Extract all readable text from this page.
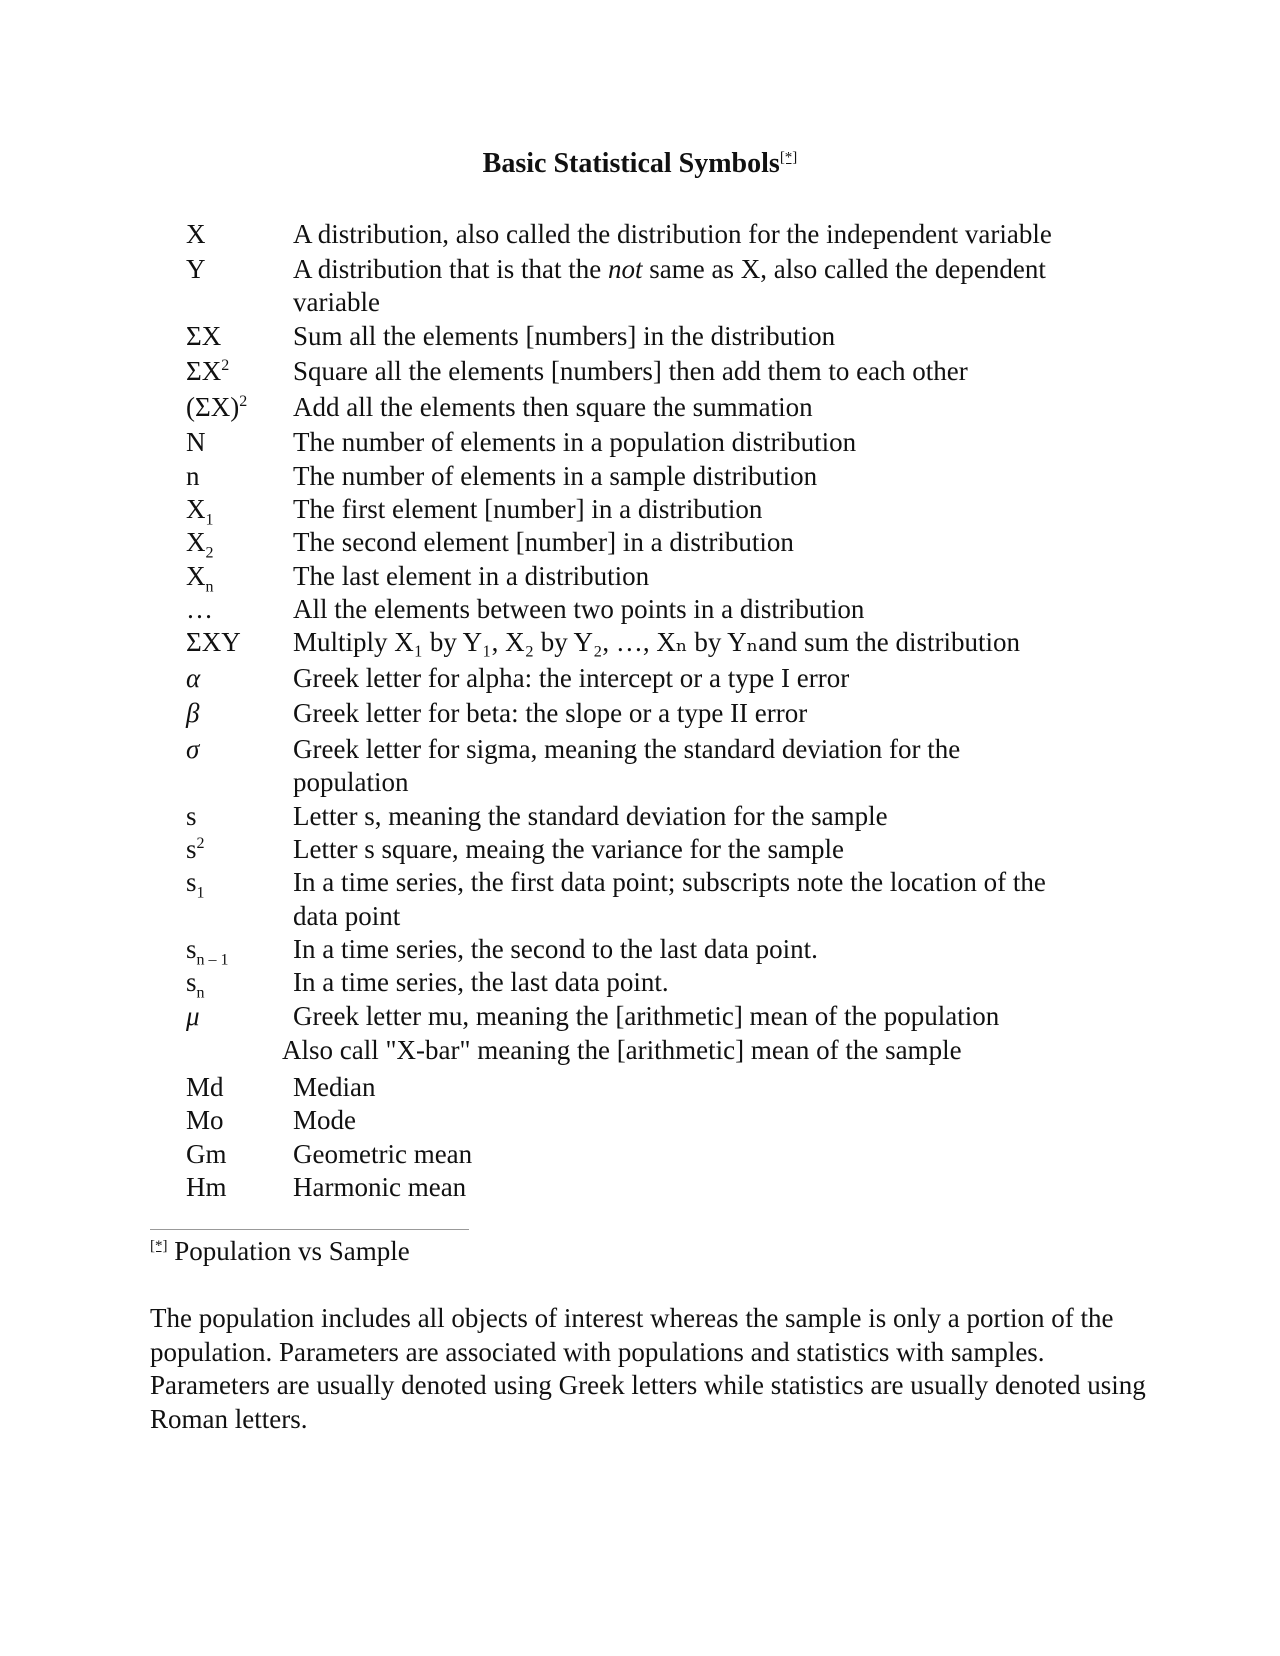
Basic Statistical Symbols[*]
X	A distribution, also called the distribution for the independent variable
Y	A distribution that is that the not same as X, also called the dependent
variable
ΣX	Sum all the elements [numbers] in the distribution
$\Sigma X^2$ Square all the elements [numbers] then add them to each other
$(\Sigma X)^2$ Add all the elements then square the summation
N	The number of elements in a population distribution
n	The number of elements in a sample distribution
$X_1$	The first element [number] in a distribution
$X_2$	The second element [number] in a distribution
$X_n$	The last element in a distribution
…	All the elements between two points in a distribution
ΣXY Multiply X₁ by Y₁, X₂ by Y₂, …, Xₙ by Yₙand sum the distribution
α	Greek letter for alpha: the intercept or a type I error
β	Greek letter for beta: the slope or a type II error
σ	Greek letter for sigma, meaning the standard deviation for the
population
s	Letter s, meaning the standard deviation for the sample
$s^2$	Letter s square, meaing the variance for the sample
$s_1$	In a time series, the first data point; subscripts note the location of the
data point
$s_{n - 1}$ In a time series, the second to the last data point.
$s_n$	In a time series, the last data point.
μ	Greek letter mu, meaning the [arithmetic] mean of the population
Also call "X-bar" meaning the [arithmetic] mean of the sample
Md	Median
Mo	Mode
Gm Geometric mean
Hm Harmonic mean
[*] Population vs Sample
The population includes all objects of interest whereas the sample is only a portion of the population. Parameters are associated with populations and statistics with samples. Parameters are usually denoted using Greek letters while statistics are usually denoted using Roman letters.
